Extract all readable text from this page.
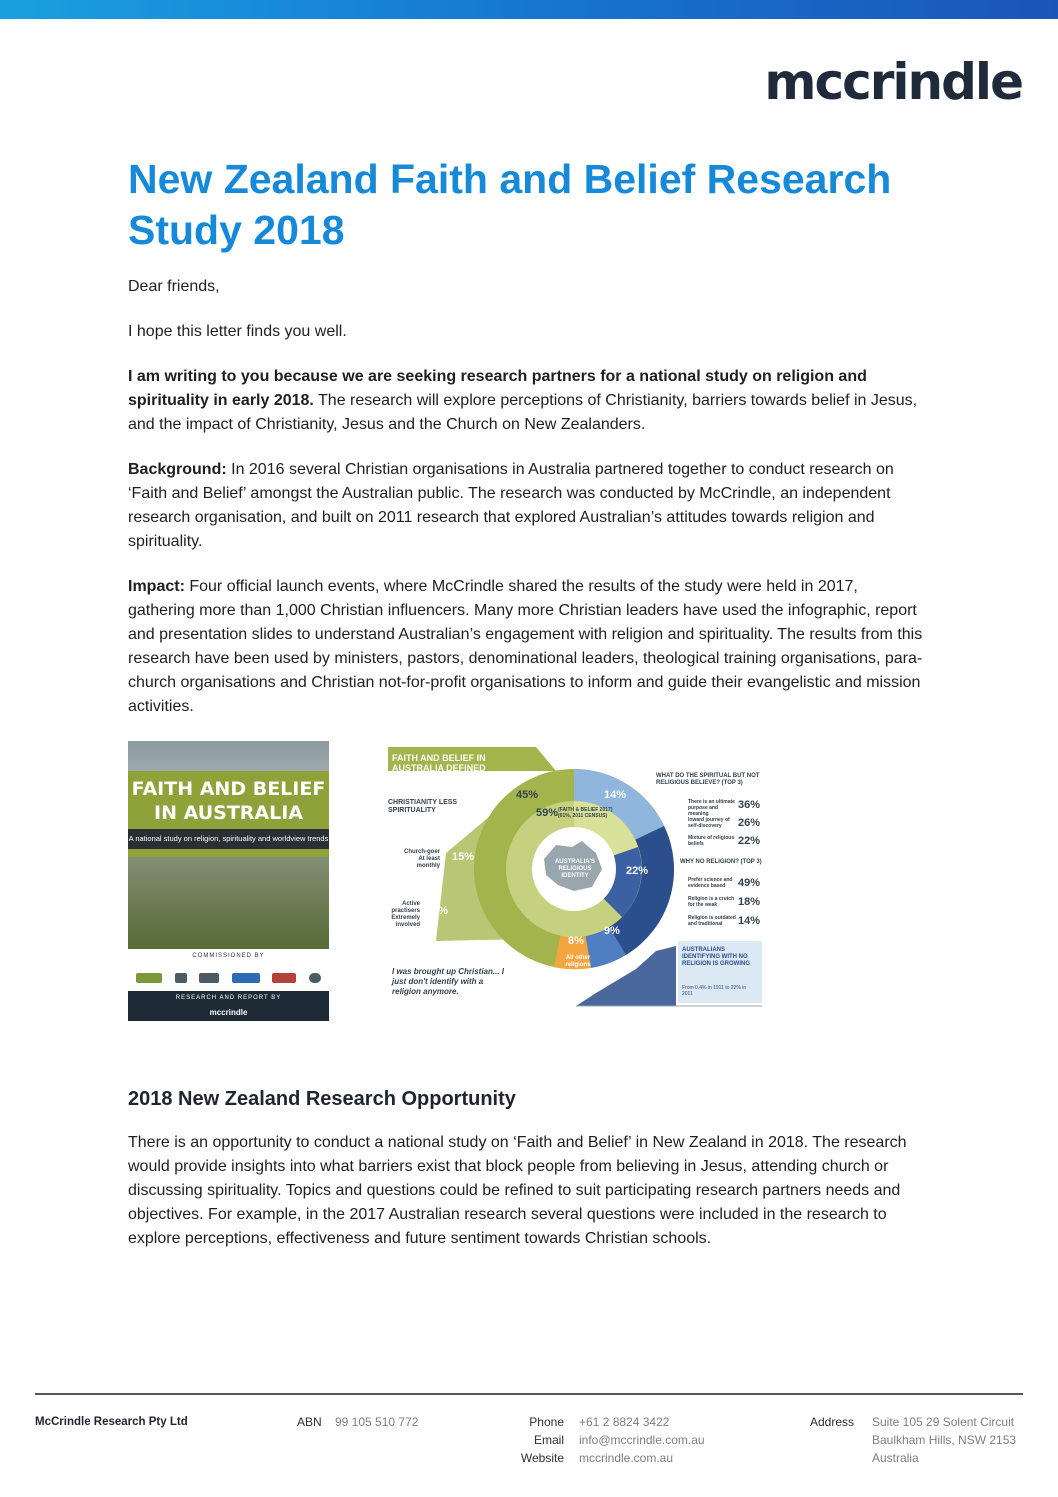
mccrindle
New Zealand Faith and Belief Research Study 2018

Dear friends,

I hope this letter finds you well.

I am writing to you because we are seeking research partners for a national study on religion and spirituality in early 2018. The research will explore perceptions of Christianity, barriers towards belief in Jesus, and the impact of Christianity, Jesus and the Church on New Zealanders.

Background: In 2016 several Christian organisations in Australia partnered together to conduct research on ‘Faith and Belief’ amongst the Australian public. The research was conducted by McCrindle, an independent research organisation, and built on 2011 research that explored Australian’s attitudes towards religion and spirituality.

Impact: Four official launch events, where McCrindle shared the results of the study were held in 2017, gathering more than 1,000 Christian influencers. Many more Christian leaders have used the infographic, report and presentation slides to understand Australian’s engagement with religion and spirituality. The results from this research have been used by ministers, pastors, denominational leaders, theological training organisations, para-church organisations and Christian not-for-profit organisations to inform and guide their evangelistic and mission activities.

FAITH AND BELIEF IN AUSTRALIA
A national study on religion, spirituality and worldview trends
COMMISSIONED BY
RESEARCH AND REPORT BY
mccrindle
FAITH AND BELIEF IN AUSTRALIA DEFINED
CHRISTIANITY LESS SPIRITUALITY
45%	14%
59% (FAITH & BELIEF 2017) (61%, 2011 CENSUS)
AUSTRALIA'S RELIGIOUS IDENTITY	22%
9%
8%
All other religions
Church-goer At least monthly
15%
Active practisers Extremely involved
7%
I was brought up Christian... I just don't identify with a religion anymore.
WHAT DO THE SPIRITUAL BUT NOT RELIGIOUS BELIEVE? (TOP 3)
There is an ultimate purpose and meaning
36%
Inward journey of self-discovery	26%
Mixture of religious beliefs	22%
WHY NO RELIGION? (TOP 3)
Prefer science and evidence based	49%
Religion is a crutch for the weak	18%
Religion is outdated and traditional	14%
AUSTRALIANS IDENTIFYING WITH NO RELIGION IS GROWING
From 0.4% in 1911 to 22% in 2011
2018 New Zealand Research Opportunity

There is an opportunity to conduct a national study on ‘Faith and Belief’ in New Zealand in 2018. The research would provide insights into what barriers exist that block people from believing in Jesus, attending church or discussing spirituality. Topics and questions could be refined to suit participating research partners needs and objectives. For example, in the 2017 Australian research several questions were included in the research to explore perceptions, effectiveness and future sentiment towards Christian schools.

McCrindle Research Pty Ltd	ABN 99 105 510 772	Phone +61 2 8824 3422
Email info@mccrindle.com.au
Website mccrindle.com.au
Address Suite 105 29 Solent Circuit
Baulkham Hills, NSW 2153
Australia
